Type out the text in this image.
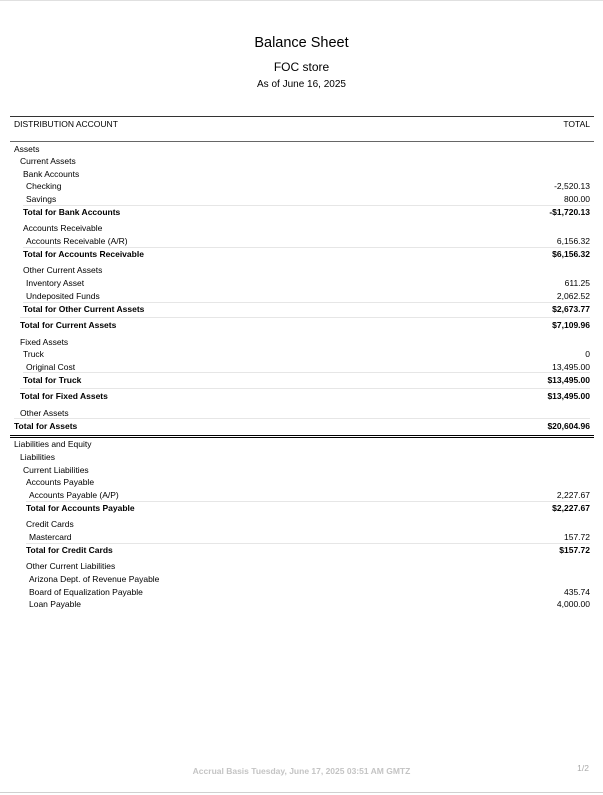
Balance Sheet
FOC store
As of June 16, 2025
DISTRIBUTION ACCOUNT	TOTAL
Assets
Current Assets
Bank Accounts
Checking	-2,520.13
Savings	800.00
Total for Bank Accounts	-$1,720.13
Accounts Receivable
Accounts Receivable (A/R)	6,156.32
Total for Accounts Receivable	$6,156.32
Other Current Assets
Inventory Asset	611.25
Undeposited Funds	2,062.52
Total for Other Current Assets	$2,673.77
Total for Current Assets	$7,109.96
Fixed Assets
Truck	0
Original Cost	13,495.00
Total for Truck	$13,495.00
Total for Fixed Assets	$13,495.00
Other Assets
Total for Assets	$20,604.96
Liabilities and Equity
Liabilities
Current Liabilities
Accounts Payable
Accounts Payable (A/P)	2,227.67
Total for Accounts Payable	$2,227.67
Credit Cards
Mastercard	157.72
Total for Credit Cards	$157.72
Other Current Liabilities
Arizona Dept. of Revenue Payable
Board of Equalization Payable	435.74
Loan Payable	4,000.00
Accrual Basis Tuesday, June 17, 2025 03:51 AM GMTZ	1/2
